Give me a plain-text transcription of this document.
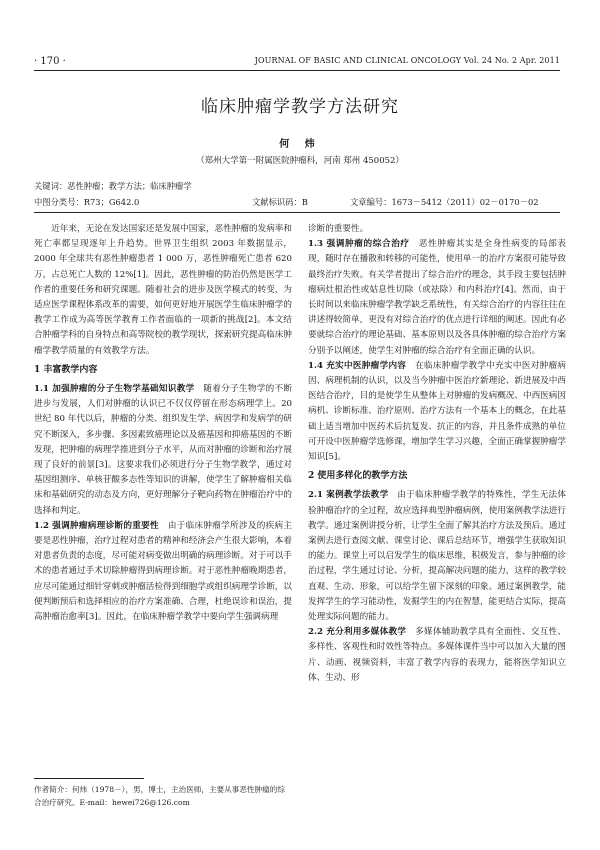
· 170 ·	JOURNAL OF BASIC AND CLINICAL ONCOLOGY Vol. 24 No. 2 Apr. 2011
临床肿瘤学教学方法研究
何 炜
（郑州大学第一附属医院肿瘤科，河南 郑州 450052）
关键词：恶性肿瘤；教学方法；临床肿瘤学
中图分类号：R73；G642.0	文献标识码：B	文章编号：1673－5412（2011）02－0170－02

近年来，无论在发达国家还是发展中国家，恶性肿瘤的发病率和死亡率都呈现逐年上升趋势。世界卫生组织 2003 年数据显示，2000 年全球共有恶性肿瘤患者 1 000 万，恶性肿瘤死亡患者 620 万，占总死亡人数的 12%[1]。因此，恶性肿瘤的防治仍然是医学工作者的重要任务和研究课题。随着社会的进步及医学模式的转变，为适应医学课程体系改革的需要，如何更好地开展医学生临床肿瘤学的教学工作成为高等医学教育工作者面临的一项新的挑战[2]。本文结合肿瘤学科的自身特点和高等院校的教学现状，探索研究提高临床肿瘤学教学质量的有效教学方法。

1 丰富教学内容

1.1 加强肿瘤的分子生物学基础知识教学　 随着分子生物学的不断进步与发展，人们对肿瘤的认识已不仅仅停留在形态病理学上。20 世纪 80 年代以后，肿瘤的分类、组织发生学、病因学和发病学的研究不断深入，多步骤、多因素致癌理论以及癌基因和抑癌基因的不断发现，把肿瘤的病理学推进到分子水平，从而对肿瘤的诊断和治疗展现了良好的前景[3]。这要求我们必须进行分子生物学教学，通过对基因组测序、单核苷酸多态性等知识的讲解，使学生了解肿瘤相关临床和基础研究的动态及方向，更好理解分子靶向药物在肿瘤治疗中的选择和判定。

1.2 强调肿瘤病理诊断的重要性　 由于临床肿瘤学所涉及的疾病主要是恶性肿瘤，治疗过程对患者的精神和经济会产生很大影响，本着对患者负责的态度，尽可能对病变做出明确的病理诊断。对于可以手术的患者通过手术切除肿瘤得到病理诊断。对于恶性肿瘤晚期患者，应尽可能通过细针穿刺或肿瘤活检得到细胞学或组织病理学诊断，以便判断预后和选择相应的治疗方案准确、合理，杜绝误诊和误治，提高肿瘤治愈率[3]。因此，在临床肿瘤学教学中要向学生强调病理

诊断的重要性。

1.3 强调肿瘤的综合治疗　 恶性肿瘤其实是全身性病变的局部表现，随时存在播散和转移的可能性，使用单一的治疗方案很可能导致最终治疗失败。有关学者提出了综合治疗的理念，其手段主要包括肿瘤病灶根治性或姑息性切除（或祛除）和内科治疗[4]。然而，由于长时间以来临床肿瘤学教学缺乏系统性，有关综合治疗的内容往往在讲述得较简单，更没有对综合治疗的优点进行详细的阐述。因此有必要就综合治疗的理论基础、基本原则以及各具体肿瘤的综合治疗方案分别予以阐述，使学生对肿瘤的综合治疗有全面正确的认识。

1.4 充实中医肿瘤学内容　 在临床肿瘤学教学中充实中医对肿瘤病因、病理机制的认识，以及当今肿瘤中医治疗新理论、新进展及中西医结合治疗，目的是使学生从整体上对肿瘤的发病概况、中西医病因病机、诊断标准、治疗原则、治疗方法有一个基本上的概念，在此基础上适当增加中医药术后抗复发、抗正的内容，并且条件成熟的单位可开设中医肿瘤学选修课，增加学生学习兴趣，全面正确掌握肿瘤学知识[5]。

2 使用多样化的教学方法

2.1 案例教学法教学　 由于临床肿瘤学教学的特殊性，学生无法体验肿瘤治疗的全过程，故应选择典型肿瘤病例，使用案例教学法进行教学。通过案例讲授分析，让学生全面了解其治疗方法及预后。通过案例去进行查阅文献、课堂讨论、课后总结环节，增强学生获取知识的能力。课堂上可以启发学生的临床思维，积极发言，参与肿瘤的诊治过程，学生通过讨论、分析，提高解决问题的能力，这样的教学较直观、生动、形象，可以给学生留下深刻的印象。通过案例教学，能发挥学生的学习能动性，发掘学生的内在智慧，能更结合实际，提高处理实际问题的能力。

2.2 充分利用多媒体教学　 多媒体辅助教学具有全面性、交互性、多样性、客观性和时效性等特点。多媒体课件当中可以加入大量的图片、动画、视频资料，丰富了教学内容的表现力，能将医学知识立体、生动、形

作者简介：何炜（1978－），男，博士，主治医师，主要从事恶性肿瘤的综合治疗研究。E-mail：hewei726@126.com
